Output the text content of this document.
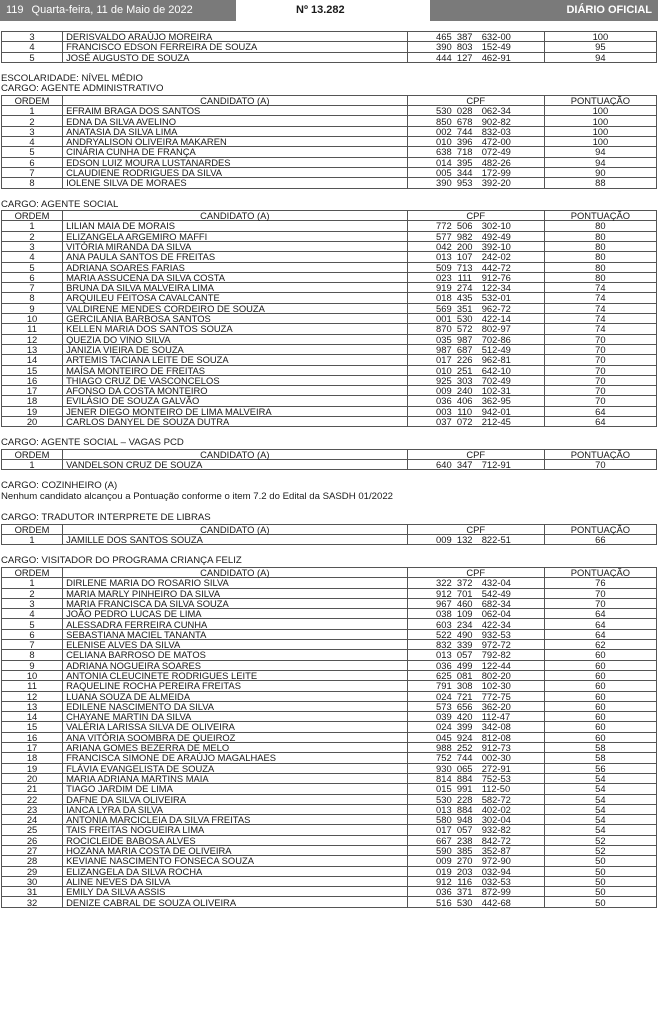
119 Quarta-feira, 11 de Maio de 2022	Nº 13.282	DIÁRIO OFICIAL
3	DERISVALDO ARAÚJO MOREIRA	465 387 632-00	100
4	FRANCISCO EDSON FERREIRA DE SOUZA	390 803 152-49	95
5	JOSÉ AUGUSTO DE SOUZA	444 127 462-91	94
ESCOLARIDADE: NÍVEL MÉDIO
CARGO: AGENTE ADMINISTRATIVO
ORDEM	CANDIDATO (A)	CPF	PONTUAÇÃO
1	EFRAIM BRAGA DOS SANTOS	530 028 062-34	100
2	EDNA DA SILVA AVELINO	850 678 902-82	100
3	ANATASIA DA SILVA LIMA	002 744 832-03	100
4	ANDRYALISON OLIVEIRA MAKAREN	010 396 472-00	100
5	CINÁRIA CUNHA DE FRANÇA	638 718 072-49	94
6	EDSON LUIZ MOURA LUSTANARDES	014 395 482-26	94
7	CLAUDIENE RODRIGUES DA SILVA	005 344 172-99	90
8	IOLENE SILVA DE MORAES	390 953 392-20	88
CARGO: AGENTE SOCIAL
ORDEM	CANDIDATO (A)	CPF	PONTUAÇÃO
1	LILIAN MAIA DE MORAIS	772 506 302-10	80
2	ELIZANGELA ARGEMIRO MAFFI	577 982 492-49	80
3	VITÓRIA MIRANDA DA SILVA	042 200 392-10	80
4	ANA PAULA SANTOS DE FREITAS	013 107 242-02	80
5	ADRIANA SOARES FARIAS	509 713 442-72	80
6	MARIA ASSUCENA DA SILVA COSTA	023 111 912-76	80
7	BRUNA DA SILVA MALVEIRA LIMA	919 274 122-34	74
8	ARQUILEU FEITOSA CAVALCANTE	018 435 532-01	74
9	VALDIRENE MENDES CORDEIRO DE SOUZA	569 351 962-72	74
10	GERCILANIA BARBOSA SANTOS	001 530 422-14	74
11	KELLEN MARIA DOS SANTOS SOUZA	870 572 802-97	74
12	QUEZIA DO VINO SILVA	035 987 702-86	70
13	JANIZIA VIEIRA DE SOUZA	987 687 512-49	70
14	ARTEMIS TACIANA LEITE DE SOUZA	017 226 962-81	70
15	MAÍSA MONTEIRO DE FREITAS	010 251 642-10	70
16	THIAGO CRUZ DE VASCONCELOS	925 303 702-49	70
17	AFONSO DA COSTA MONTEIRO	009 240 102-31	70
18	EVILÁSIO DE SOUZA GALVÃO	036 406 362-95	70
19	JENER DIEGO MONTEIRO DE LIMA MALVEIRA	003 110 942-01	64
20	CARLOS DANYEL DE SOUZA DUTRA	037 072 212-45	64
CARGO: AGENTE SOCIAL – VAGAS PCD
ORDEM	CANDIDATO (A)	CPF	PONTUAÇÃO
1	VANDELSON CRUZ DE SOUZA	640 347 712-91	70
CARGO: COZINHEIRO (A)
Nenhum candidato alcançou a Pontuação conforme o item 7.2 do Edital da SASDH 01/2022
CARGO: TRADUTOR INTERPRETE DE LIBRAS
ORDEM	CANDIDATO (A)	CPF	PONTUAÇÃO
1	JAMILLE DOS SANTOS SOUZA	009 132 822-51	66
CARGO: VISITADOR DO PROGRAMA CRIANÇA FELIZ
ORDEM	CANDIDATO (A)	CPF	PONTUAÇÃO
1	DIRLENE MARIA DO ROSARIO SILVA	322 372 432-04	76
2	MARIA MARLY PINHEIRO DA SILVA	912 701 542-49	70
3	MARIA FRANCISCA DA SILVA SOUZA	967 460 682-34	70
4	JOÃO PEDRO LUCAS DE LIMA	038 109 062-04	64
5	ALESSADRA FERREIRA CUNHA	603 234 422-34	64
6	SEBASTIANA MACIEL TANANTA	522 490 932-53	64
7	ELENISE ALVES DA SILVA	832 339 972-72	62
8	CELIANA BARROSO DE MATOS	013 057 792-82	60
9	ADRIANA NOGUEIRA SOARES	036 499 122-44	60
10	ANTONIA CLEUCINETE RODRIGUES LEITE	625 081 802-20	60
11	RAQUELINE ROCHA PEREIRA FREITAS	791 308 102-30	60
12	LUANA SOUZA DE ALMEIDA	024 721 772-75	60
13	EDILENE NASCIMENTO DA SILVA	573 656 362-20	60
14	CHAYANE MARTIN DA SILVA	039 420 112-47	60
15	VALÉRIA LARISSA SILVA DE OLIVEIRA	024 399 342-08	60
16	ANA VITÓRIA SOOMBRA DE QUEIROZ	045 924 812-08	60
17	ARIANA GOMES BEZERRA DE MELO	988 252 912-73	58
18	FRANCISCA SIMONE DE ARAÚJO MAGALHAES	752 744 002-30	58
19	FLÁVIA EVANGELISTA DE SOUZA	930 065 272-91	56
20	MARIA ADRIANA MARTINS MAIA	814 884 752-53	54
21	TIAGO JARDIM DE LIMA	015 991 112-50	54
22	DAFNE DA SILVA OLIVEIRA	530 228 582-72	54
23	IANCA LYRA DA SILVA	013 884 402-02	54
24	ANTONIA MARCICLEIA DA SILVA FREITAS	580 948 302-04	54
25	TAIS FREITAS NOGUEIRA LIMA	017 057 932-82	54
26	ROCICLEIDE BABOSA ALVES	667 238 842-72	52
27	HOZANA MARIA COSTA DE OLIVEIRA	590 385 352-87	52
28	KEVIANE NASCIMENTO FONSECA SOUZA	009 270 972-90	50
29	ELIZANGELA DA SILVA ROCHA	019 203 032-94	50
30	ALINE NEVES DA SILVA	912 116 032-53	50
31	EMILY DA SILVA ASSIS	036 371 872-99	50
32	DENIZE CABRAL DE SOUZA OLIVEIRA	516 530 442-68	50
